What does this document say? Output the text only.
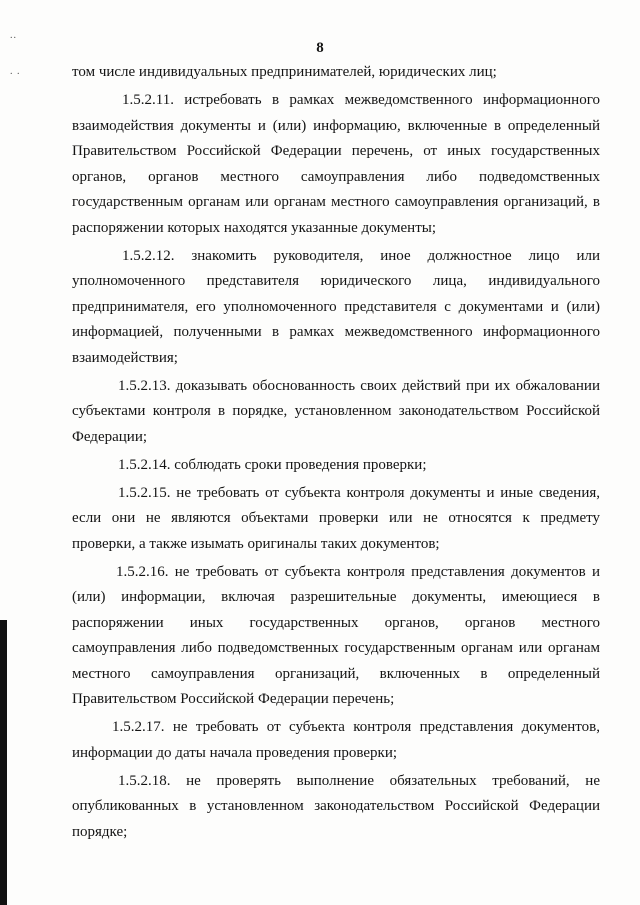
..
. .
8
том числе индивидуальных предпринимателей, юридических лиц;
1.5.2.11. истребовать в рамках межведомственного информационного
взаимодействия документы и (или) информацию, включенные в определенный
Правительством Российской Федерации перечень, от иных государственных
органов, органов местного самоуправления либо подведомственных
государственным органам или органам местного самоуправления организаций, в
распоряжении которых находятся указанные документы;
1.5.2.12. знакомить руководителя, иное должностное лицо или
уполномоченного представителя юридического лица, индивидуального
предпринимателя, его уполномоченного представителя с документами и (или)
информацией, полученными в рамках межведомственного информационного
взаимодействия;
1.5.2.13. доказывать обоснованность своих действий при их обжаловании
субъектами контроля в порядке, установленном законодательством Российской
Федерации;
1.5.2.14. соблюдать сроки проведения проверки;
1.5.2.15. не требовать от субъекта контроля документы и иные сведения,
если они не являются объектами проверки или не относятся к предмету
проверки, а также изымать оригиналы таких документов;
1.5.2.16. не требовать от субъекта контроля представления документов и
(или) информации, включая разрешительные документы, имеющиеся в
распоряжении иных государственных органов, органов местного
самоуправления либо подведомственных государственным органам или органам
местного самоуправления организаций, включенных в определенный
Правительством Российской Федерации перечень;
1.5.2.17. не требовать от субъекта контроля представления документов,
информации до даты начала проведения проверки;
1.5.2.18. не проверять выполнение обязательных требований, не
опубликованных в установленном законодательством Российской Федерации
порядке;
